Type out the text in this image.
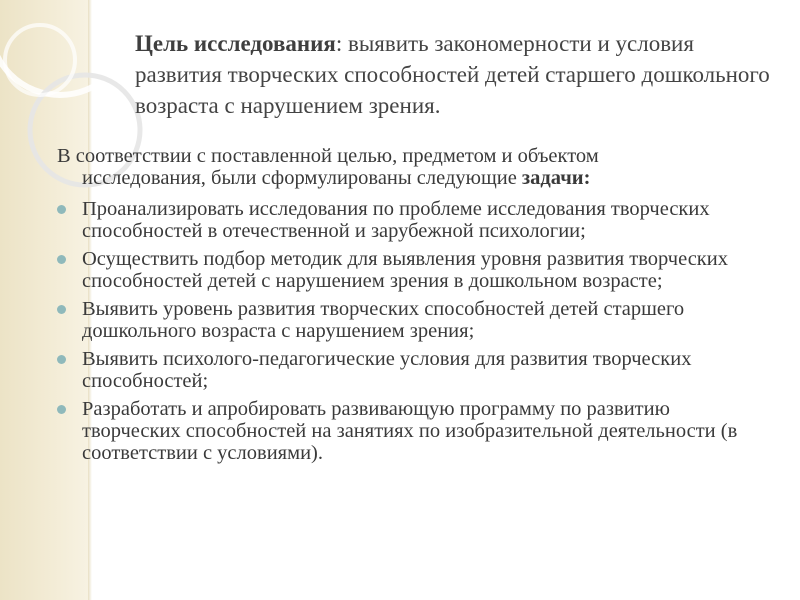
Цель исследования: выявить закономерности и условия развития творческих способностей детей старшего дошкольного возраста с нарушением зрения.
В соответствии с поставленной целью, предметом и объектом
исследования, были сформулированы следующие задачи:
Проанализировать исследования по проблеме исследования творческих способностей в отечественной и зарубежной психологии;
Осуществить подбор методик для выявления уровня развития творческих способностей детей с нарушением зрения в дошкольном возрасте;
Выявить уровень развития творческих способностей детей старшего дошкольного возраста с нарушением зрения;
Выявить психолого-педагогические условия для развития творческих способностей;
Разработать и апробировать развивающую программу по развитию творческих способностей на занятиях по изобразительной деятельности (в соответствии с условиями).
